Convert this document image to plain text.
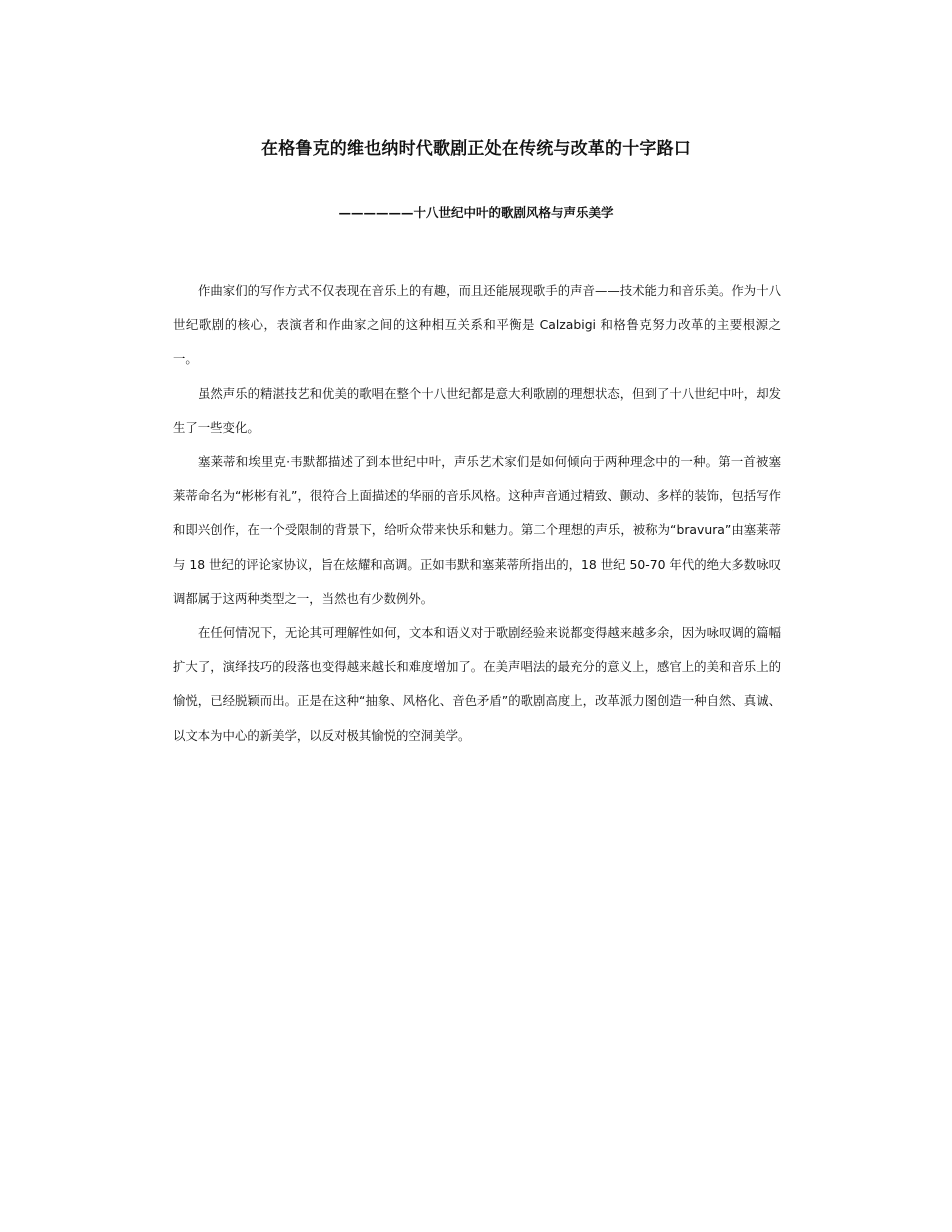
在格鲁克的维也纳时代歌剧正处在传统与改革的十字路口
——————十八世纪中叶的歌剧风格与声乐美学

作曲家们的写作方式不仅表现在音乐上的有趣，而且还能展现歌手的声音——技术能力和音乐美。作为十八世纪歌剧的核心，表演者和作曲家之间的这种相互关系和平衡是 Calzabigi 和格鲁克努力改革的主要根源之一。

虽然声乐的精湛技艺和优美的歌唱在整个十八世纪都是意大利歌剧的理想状态，但到了十八世纪中叶，却发生了一些变化。

塞莱蒂和埃里克·韦默都描述了到本世纪中叶，声乐艺术家们是如何倾向于两种理念中的一种。第一首被塞莱蒂命名为“彬彬有礼”，很符合上面描述的华丽的音乐风格。这种声音通过精致、颤动、多样的装饰，包括写作和即兴创作，在一个受限制的背景下，给听众带来快乐和魅力。第二个理想的声乐，被称为“bravura”由塞莱蒂与 18 世纪的评论家协议，旨在炫耀和高调。正如韦默和塞莱蒂所指出的，18 世纪 50-70 年代的绝大多数咏叹调都属于这两种类型之一，当然也有少数例外。

在任何情况下，无论其可理解性如何，文本和语义对于歌剧经验来说都变得越来越多余，因为咏叹调的篇幅扩大了，演绎技巧的段落也变得越来越长和难度增加了。在美声唱法的最充分的意义上，感官上的美和音乐上的愉悦，已经脱颖而出。正是在这种“抽象、风格化、音色矛盾”的歌剧高度上，改革派力图创造一种自然、真诚、以文本为中心的新美学，以反对极其愉悦的空洞美学。
